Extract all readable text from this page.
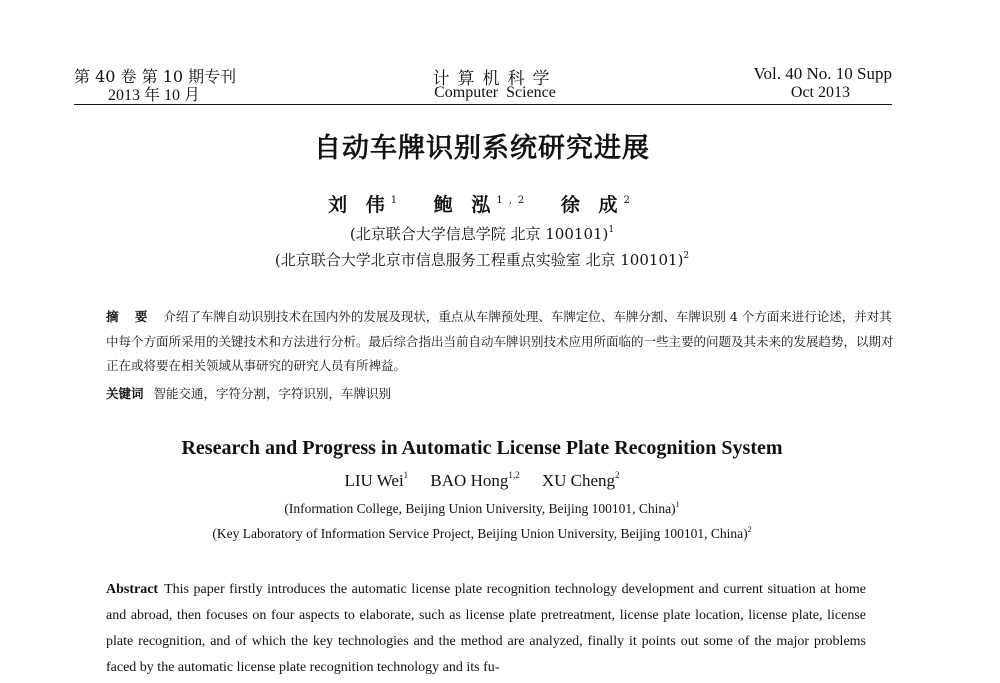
第 40 卷 第 10 期专刊
2013 年 10 月
计算机科学
Computer Science
Vol. 40 No. 10 Supp
Oct 2013
自动车牌识别系统研究进展
刘 伟$^1$ 鲍 泓$^{1,2}$ 徐 成$^2$
(北京联合大学信息学院 北京 100101)$^1$
(北京联合大学北京市信息服务工程重点实验室 北京 100101)$^2$
摘 要 介绍了车牌自动识别技术在国内外的发展及现状，重点从车牌预处理、车牌定位、车牌分割、车牌识别 4 个方面来进行论述，并对其中每个方面所采用的关键技术和方法进行分析。最后综合指出当前自动车牌识别技术应用所面临的一些主要的问题及其未来的发展趋势，以期对正在或将要在相关领域从事研究的研究人员有所裨益。
关键词 智能交通，字符分割，字符识别，车牌识别
Research and Progress in Automatic License Plate Recognition System
LIU Wei$^1$ BAO Hong$^{1,2}$ XU Cheng$^2$
(Information College, Beijing Union University, Beijing 100101, China)$^1$
(Key Laboratory of Information Service Project, Beijing Union University, Beijing 100101, China)$^2$
Abstract This paper firstly introduces the automatic license plate recognition technology development and current situation at home and abroad, then focuses on four aspects to elaborate, such as license plate pretreatment, license plate location, license plate, license plate recognition, and of which the key technologies and the method are analyzed, finally it points out some of the major problems faced by the automatic license plate recognition technology and its fu-
